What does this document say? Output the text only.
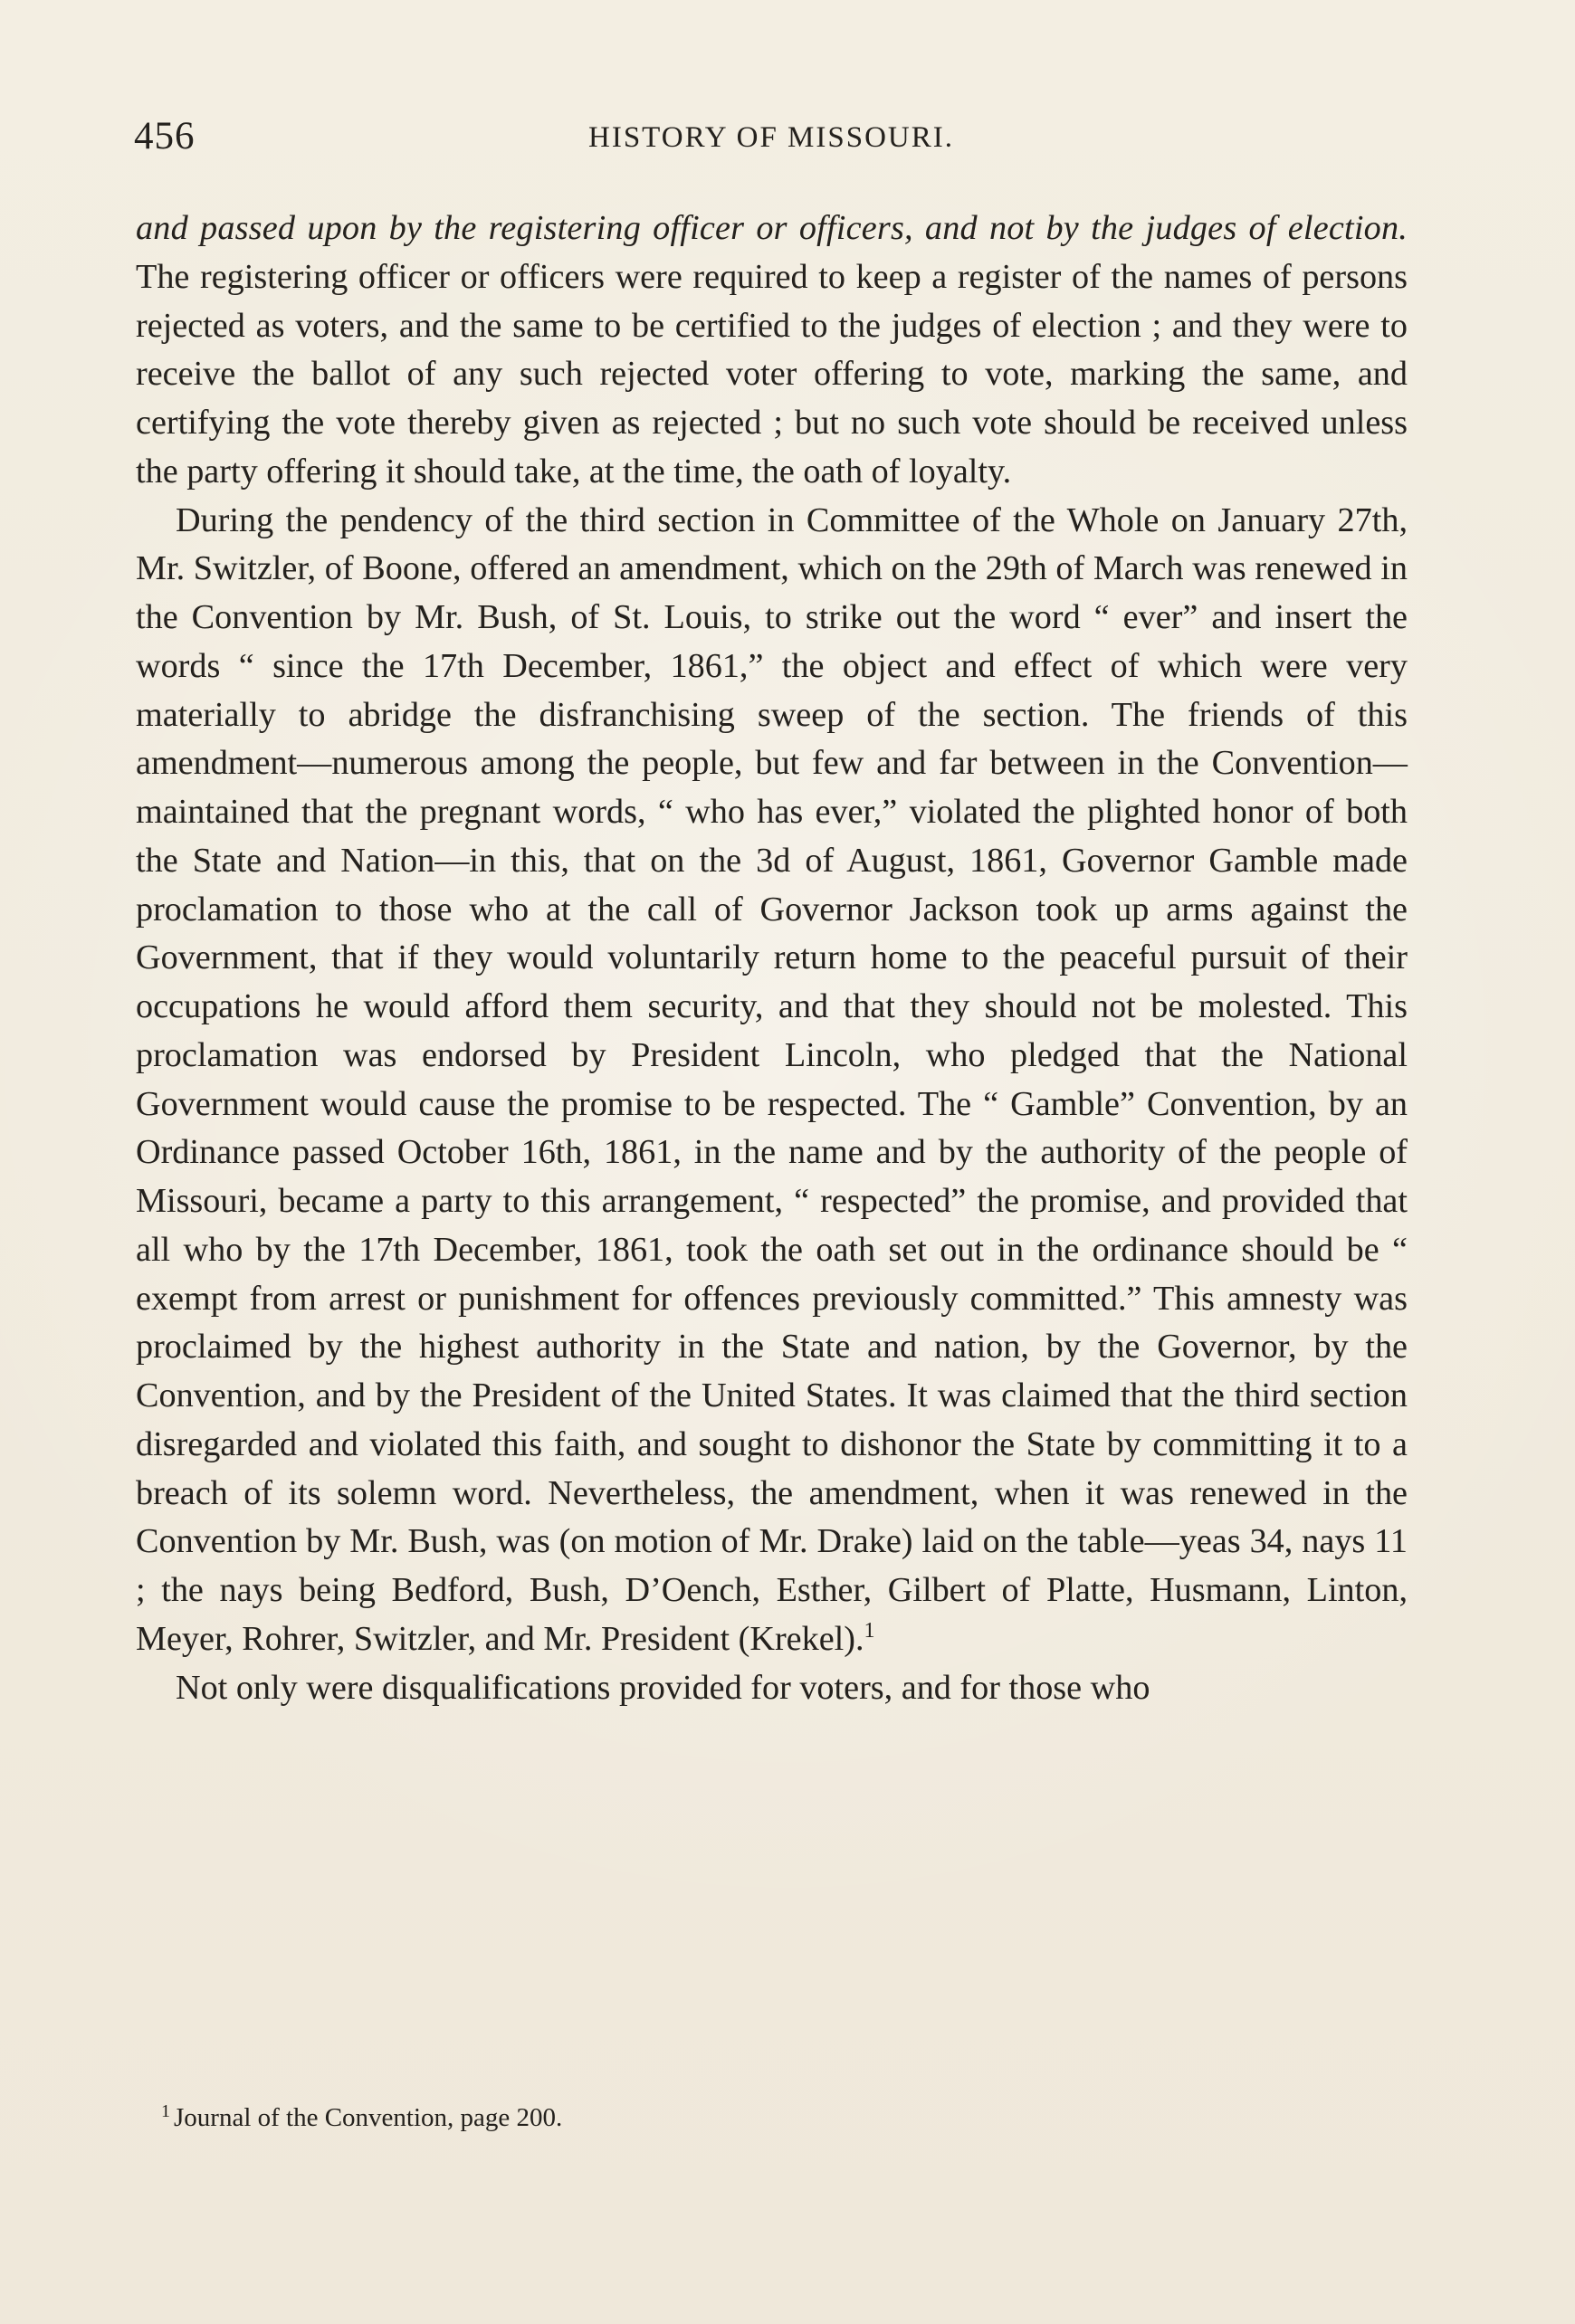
456	HISTORY OF MISSOURI.

and passed upon by the registering officer or officers, and not by the judges of election. The registering officer or officers were required to keep a register of the names of persons rejected as voters, and the same to be certified to the judges of election ; and they were to receive the ballot of any such rejected voter offering to vote, marking the same, and certifying the vote thereby given as rejected ; but no such vote should be received unless the party offering it should take, at the time, the oath of loyalty.

During the pendency of the third section in Committee of the Whole on January 27th, Mr. Switzler, of Boone, offered an amendment, which on the 29th of March was renewed in the Convention by Mr. Bush, of St. Louis, to strike out the word “ ever” and insert the words “ since the 17th December, 1861,” the object and effect of which were very materially to abridge the disfranchising sweep of the section. The friends of this amendment—numerous among the people, but few and far between in the Convention—maintained that the pregnant words, “ who has ever,” violated the plighted honor of both the State and Nation—in this, that on the 3d of August, 1861, Governor Gamble made proclamation to those who at the call of Governor Jackson took up arms against the Government, that if they would voluntarily return home to the peaceful pursuit of their occupations he would afford them security, and that they should not be molested. This proclamation was endorsed by President Lincoln, who pledged that the National Government would cause the promise to be respected. The “ Gamble” Convention, by an Ordinance passed October 16th, 1861, in the name and by the authority of the people of Missouri, became a party to this arrangement, “ respected” the promise, and provided that all who by the 17th December, 1861, took the oath set out in the ordinance should be “ exempt from arrest or punishment for offences previously committed.” This amnesty was proclaimed by the highest authority in the State and nation, by the Governor, by the Convention, and by the President of the United States. It was claimed that the third section disregarded and violated this faith, and sought to dishonor the State by committing it to a breach of its solemn word. Nevertheless, the amendment, when it was renewed in the Convention by Mr. Bush, was (on motion of Mr. Drake) laid on the table—yeas 34, nays 11 ; the nays being Bedford, Bush, D’Oench, Esther, Gilbert of Platte, Husmann, Linton, Meyer, Rohrer, Switzler, and Mr. President (Krekel).$^1$

Not only were disqualifications provided for voters, and for those who

$^1$ Journal of the Convention, page 200.
